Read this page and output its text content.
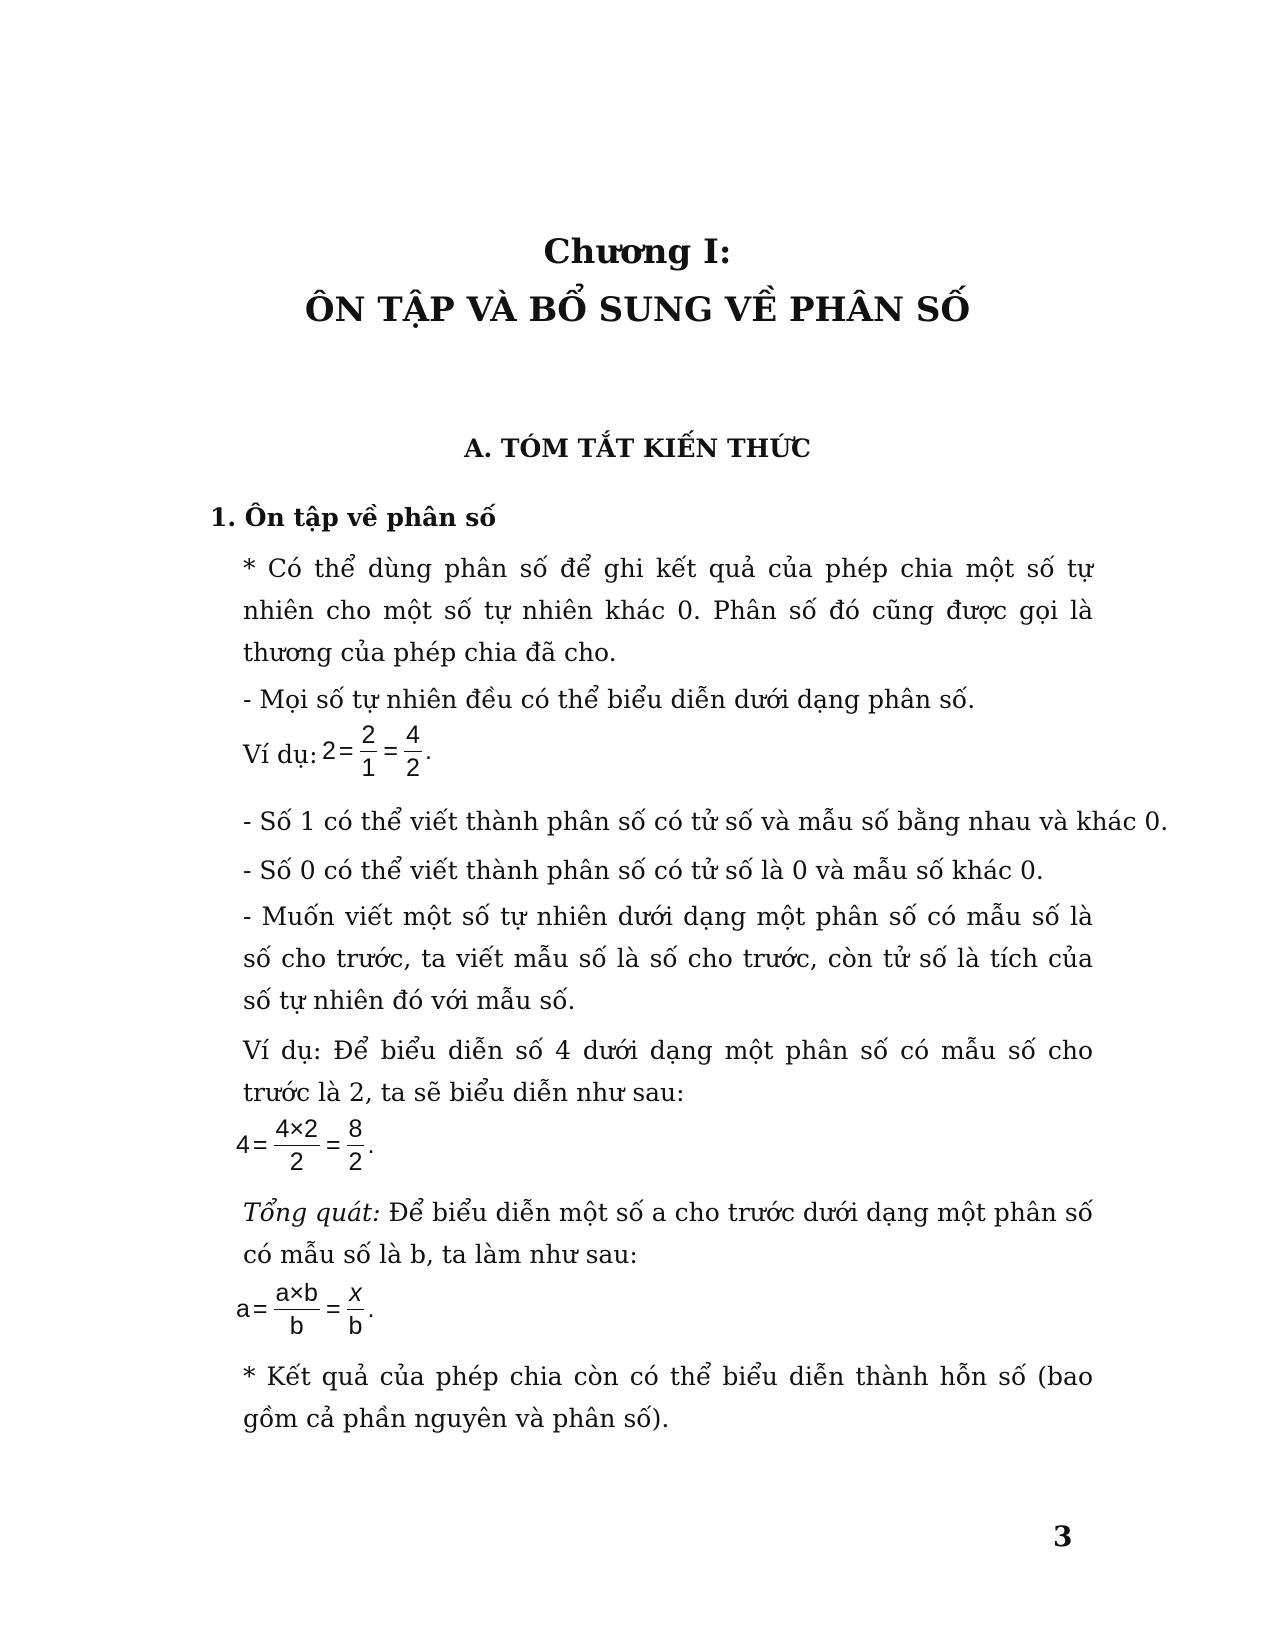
Chương I:
ÔN TẬP VÀ BỔ SUNG VỀ PHÂN SỐ
A. TÓM TẮT KIẾN THỨC
1. Ôn tập về phân số

* Có thể dùng phân số để ghi kết quả của phép chia một số tự nhiên cho một số tự nhiên khác 0. Phân số đó cũng được gọi là thương của phép chia đã cho.

- Mọi số tự nhiên đều có thể biểu diễn dưới dạng phân số.
Ví dụ: $2 = \frac{2}{1} = \frac{4}{2}$ .
- Số 1 có thể viết thành phân số có tử số và mẫu số bằng nhau và khác 0.
- Số 0 có thể viết thành phân số có tử số là 0 và mẫu số khác 0.

- Muốn viết một số tự nhiên dưới dạng một phân số có mẫu số là số cho trước, ta viết mẫu số là số cho trước, còn tử số là tích của số tự nhiên đó với mẫu số.

Ví dụ: Để biểu diễn số 4 dưới dạng một phân số có mẫu số cho trước là 2, ta sẽ biểu diễn như sau:

$4 = \frac{4\times 2}{2} = \frac{8}{2}$ .

Tổng quát: Để biểu diễn một số a cho trước dưới dạng một phân số có mẫu số là b, ta làm như sau:

$a = \frac{a\times b}{b} = \frac{x}{b}$ .

* Kết quả của phép chia còn có thể biểu diễn thành hỗn số (bao gồm cả phần nguyên và phân số).

3
